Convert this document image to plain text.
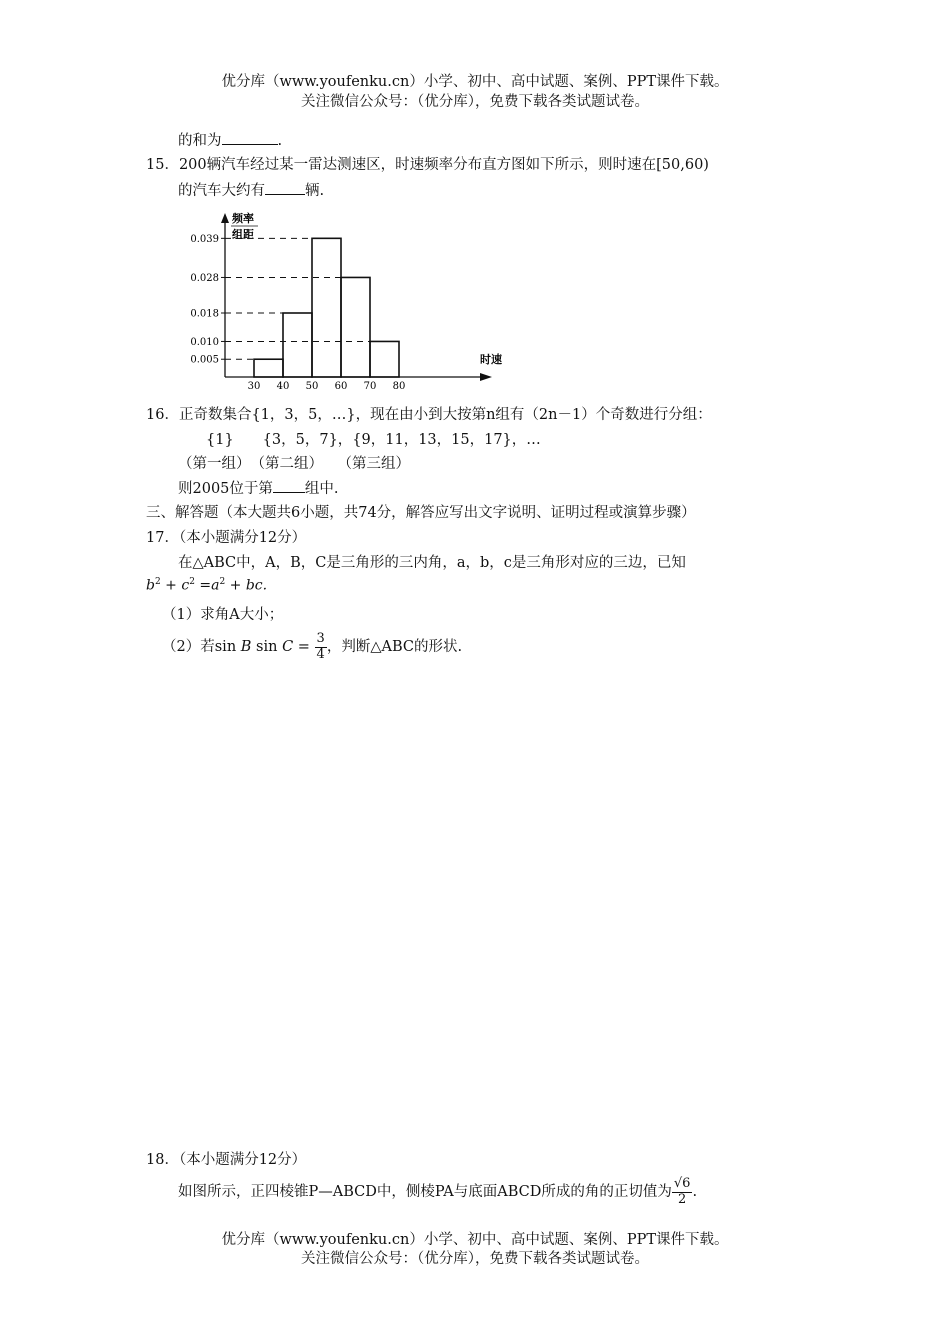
优分库（www.youfenku.cn）小学、初中、高中试题、案例、PPT课件下载。
关注微信公众号：（优分库），免费下载各类试题试卷。
的和为	.
15．200辆汽车经过某一雷达测速区，时速频率分布直方图如下所示，则时速在[50,60)
的汽车大约有	辆.
频率
组距
时速
0.039
0.028
0.018
0.010
0.005
30 40 50 60 70 80
16．正奇数集合{1，3，5，…}，现在由小到大按第n组有（2n－1）个奇数进行分组：
{1}　　{3，5，7}，{9，11，13，15，17}，…
（第一组）　（第二组）　　（第三组）
则2005位于第 组中.
三、解答题（本大题共6小题，共74分，解答应写出文字说明、证明过程或演算步骤）
17．（本小题满分12分）
在△ABC中，A，B，C是三角形的三内角，a，b，c是三角形对应的三边，已知
$b^2 + c^2 =a^2$ + bc.
（1）求角A大小；
（2）若sin B $\sin C = \frac{3}{4}$ ，判断△ABC的形状.
18．（本小题满分12分）
如图所示，正四棱锥P—ABCD中，侧棱PA与底面ABCD所成的角的正切值为 $\frac{√6}{2}$ .
优分库（www.youfenku.cn）小学、初中、高中试题、案例、PPT课件下载。
关注微信公众号：（优分库），免费下载各类试题试卷。
